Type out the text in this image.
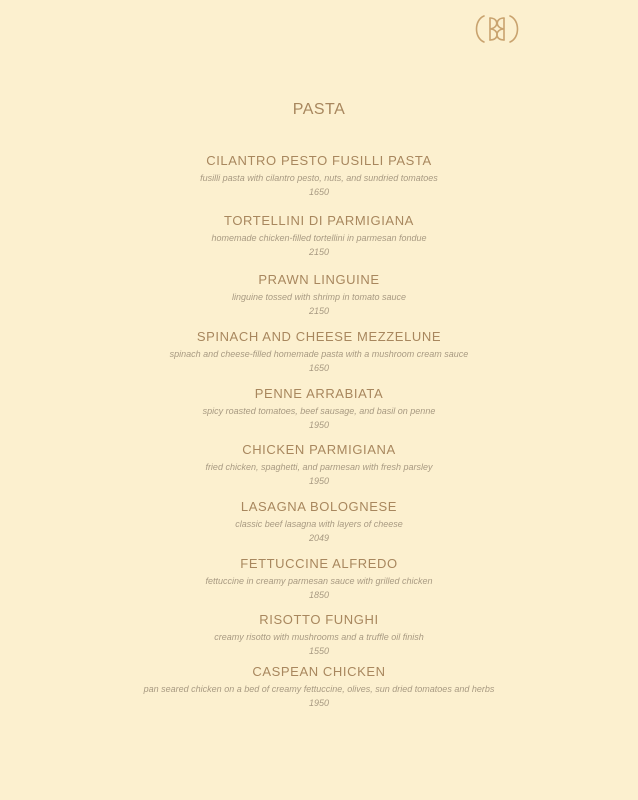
PASTA
CILANTRO PESTO FUSILLI PASTA
fusilli pasta with cilantro pesto, nuts, and sundried tomatoes
1650
TORTELLINI DI PARMIGIANA
homemade chicken-filled tortellini in parmesan fondue
2150
PRAWN LINGUINE
linguine tossed with shrimp in tomato sauce
2150
SPINACH AND CHEESE MEZZELUNE
spinach and cheese-filled homemade pasta with a mushroom cream sauce
1650
PENNE ARRABIATA
spicy roasted tomatoes, beef sausage, and basil on penne
1950
CHICKEN PARMIGIANA
fried chicken, spaghetti, and parmesan with fresh parsley
1950
LASAGNA BOLOGNESE
classic beef lasagna with layers of cheese
2049
FETTUCCINE ALFREDO
fettuccine in creamy parmesan sauce with grilled chicken
1850
RISOTTO FUNGHI
creamy risotto with mushrooms and a truffle oil finish
1550
CASPEAN CHICKEN
pan seared chicken on a bed of creamy fettuccine, olives, sun dried tomatoes and herbs
1950
